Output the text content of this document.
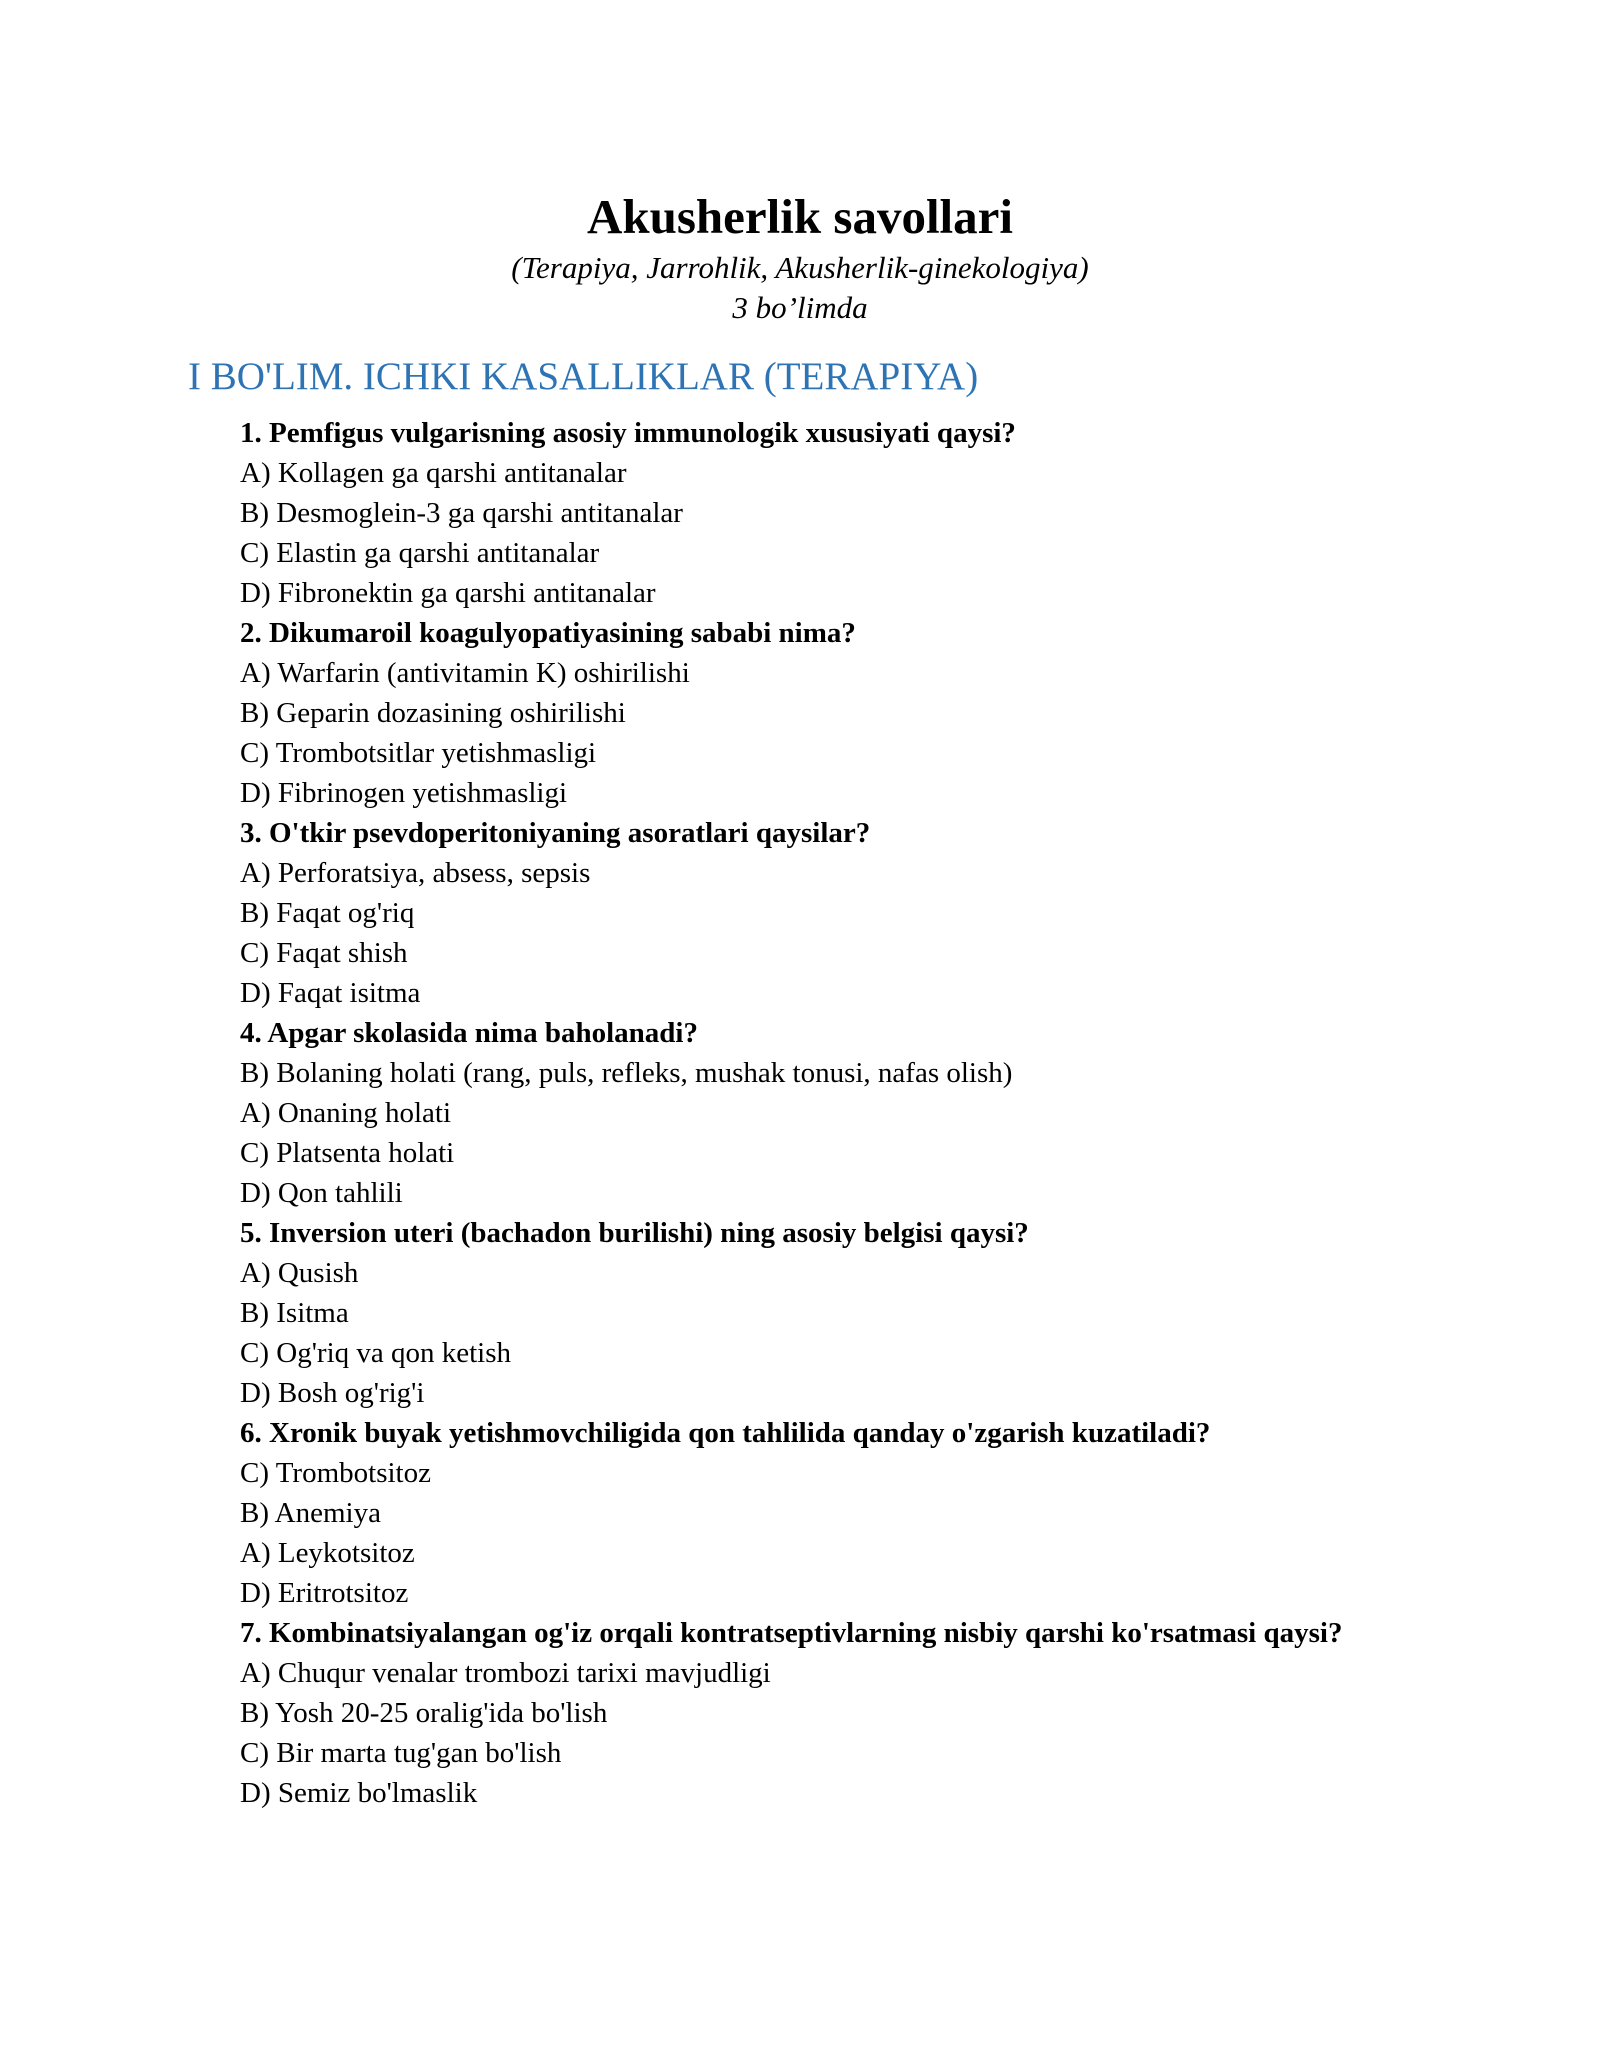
Akusherlik savollari

(Terapiya, Jarrohlik, Akusherlik-ginekologiya)

3 bo’limda

I BO'LIM. ICHKI KASALLIKLAR (TERAPIYA)

1. Pemfigus vulgarisning asosiy immunologik xususiyati qaysi?

A) Kollagen ga qarshi antitanalar

B) Desmoglein-3 ga qarshi antitanalar

C) Elastin ga qarshi antitanalar

D) Fibronektin ga qarshi antitanalar

2. Dikumaroil koagulyopatiyasining sababi nima?

A) Warfarin (antivitamin K) oshirilishi

B) Geparin dozasining oshirilishi

C) Trombotsitlar yetishmasligi

D) Fibrinogen yetishmasligi

3. O'tkir psevdoperitoniyaning asoratlari qaysilar?

A) Perforatsiya, absess, sepsis

B) Faqat og'riq

C) Faqat shish

D) Faqat isitma

4. Apgar skolasida nima baholanadi?

B) Bolaning holati (rang, puls, refleks, mushak tonusi, nafas olish)

A) Onaning holati

C) Platsenta holati

D) Qon tahlili

5. Inversion uteri (bachadon burilishi) ning asosiy belgisi qaysi?

A) Qusish

B) Isitma

C) Og'riq va qon ketish

D) Bosh og'rig'i

6. Xronik buyak yetishmovchiligida qon tahlilida qanday o'zgarish kuzatiladi?

C) Trombotsitoz

B) Anemiya

A) Leykotsitoz

D) Eritrotsitoz

7. Kombinatsiyalangan og'iz orqali kontratseptivlarning nisbiy qarshi ko'rsatmasi qaysi?

A) Chuqur venalar trombozi tarixi mavjudligi

B) Yosh 20-25 oralig'ida bo'lish

C) Bir marta tug'gan bo'lish

D) Semiz bo'lmaslik
